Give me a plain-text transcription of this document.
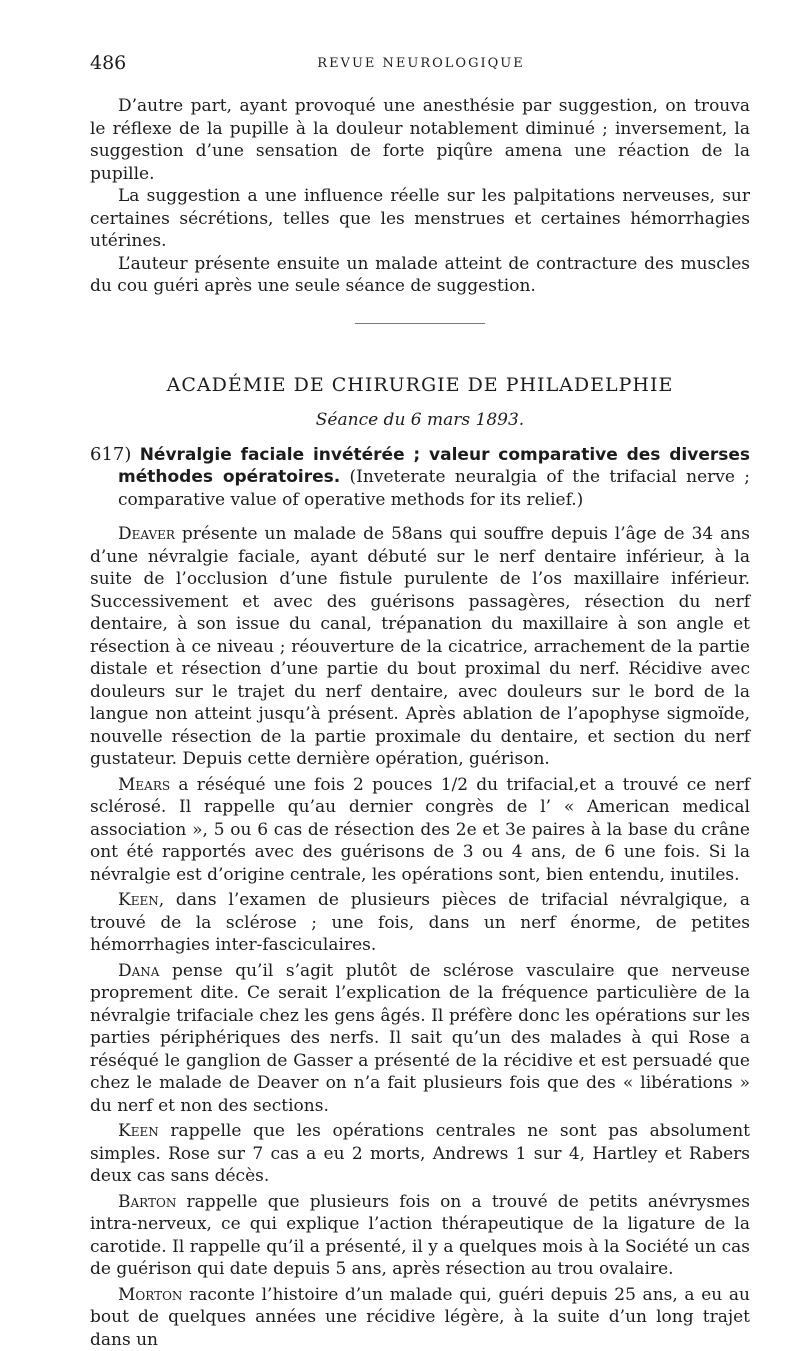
486	REVUE NEUROLOGIQUE

D’autre part, ayant provoqué une anesthésie par suggestion, on trouva le réflexe de la pupille à la douleur notablement diminué ; inversement, la suggestion d’une sensation de forte piqûre amena une réaction de la pupille.

La suggestion a une influence réelle sur les palpitations nerveuses, sur certaines sécrétions, telles que les menstrues et certaines hémorrhagies utérines.

L’auteur présente ensuite un malade atteint de contracture des muscles du cou guéri après une seule séance de suggestion.

ACADÉMIE DE CHIRURGIE DE PHILADELPHIE
Séance du 6 mars 1893.
617) Névralgie faciale invétérée ; valeur comparative des diverses méthodes opératoires. (Inveterate neuralgia of the trifacial nerve ; comparative value of operative methods for its relief.)

Deaver présente un malade de 58ans qui souffre depuis l’âge de 34 ans d’une névralgie faciale, ayant débuté sur le nerf dentaire inférieur, à la suite de l’occlusion d’une fistule purulente de l’os maxillaire inférieur. Successivement et avec des guérisons passagères, résection du nerf dentaire, à son issue du canal, trépanation du maxillaire à son angle et résection à ce niveau ; réouverture de la cicatrice, arrachement de la partie distale et résection d’une partie du bout proximal du nerf. Récidive avec douleurs sur le trajet du nerf dentaire, avec douleurs sur le bord de la langue non atteint jusqu’à présent. Après ablation de l’apophyse sigmoïde, nouvelle résection de la partie proximale du dentaire, et section du nerf gustateur. Depuis cette dernière opération, guérison.

Mears a réséqué une fois 2 pouces 1/2 du trifacial,et a trouvé ce nerf sclérosé. Il rappelle qu’au dernier congrès de l’ « American medical association », 5 ou 6 cas de résection des 2e et 3e paires à la base du crâne ont été rapportés avec des guérisons de 3 ou 4 ans, de 6 une fois. Si la névralgie est d’origine centrale, les opérations sont, bien entendu, inutiles.

Keen, dans l’examen de plusieurs pièces de trifacial névralgique, a trouvé de la sclérose ; une fois, dans un nerf énorme, de petites hémorrhagies inter-fasciculaires.

Dana pense qu’il s’agit plutôt de sclérose vasculaire que nerveuse proprement dite. Ce serait l’explication de la fréquence particulière de la névralgie trifaciale chez les gens âgés. Il préfère donc les opérations sur les parties périphériques des nerfs. Il sait qu’un des malades à qui Rose a réséqué le ganglion de Gasser a présenté de la récidive et est persuadé que chez le malade de Deaver on n’a fait plusieurs fois que des « libérations » du nerf et non des sections.

Keen rappelle que les opérations centrales ne sont pas absolument simples. Rose sur 7 cas a eu 2 morts, Andrews 1 sur 4, Hartley et Rabers deux cas sans décès.

Barton rappelle que plusieurs fois on a trouvé de petits anévrysmes intra-nerveux, ce qui explique l’action thérapeutique de la ligature de la carotide. Il rappelle qu’il a présenté, il y a quelques mois à la Société un cas de guérison qui date depuis 5 ans, après résection au trou ovalaire.

Morton raconte l’histoire d’un malade qui, guéri depuis 25 ans, a eu au bout de quelques années une récidive légère, à la suite d’un long trajet dans un
